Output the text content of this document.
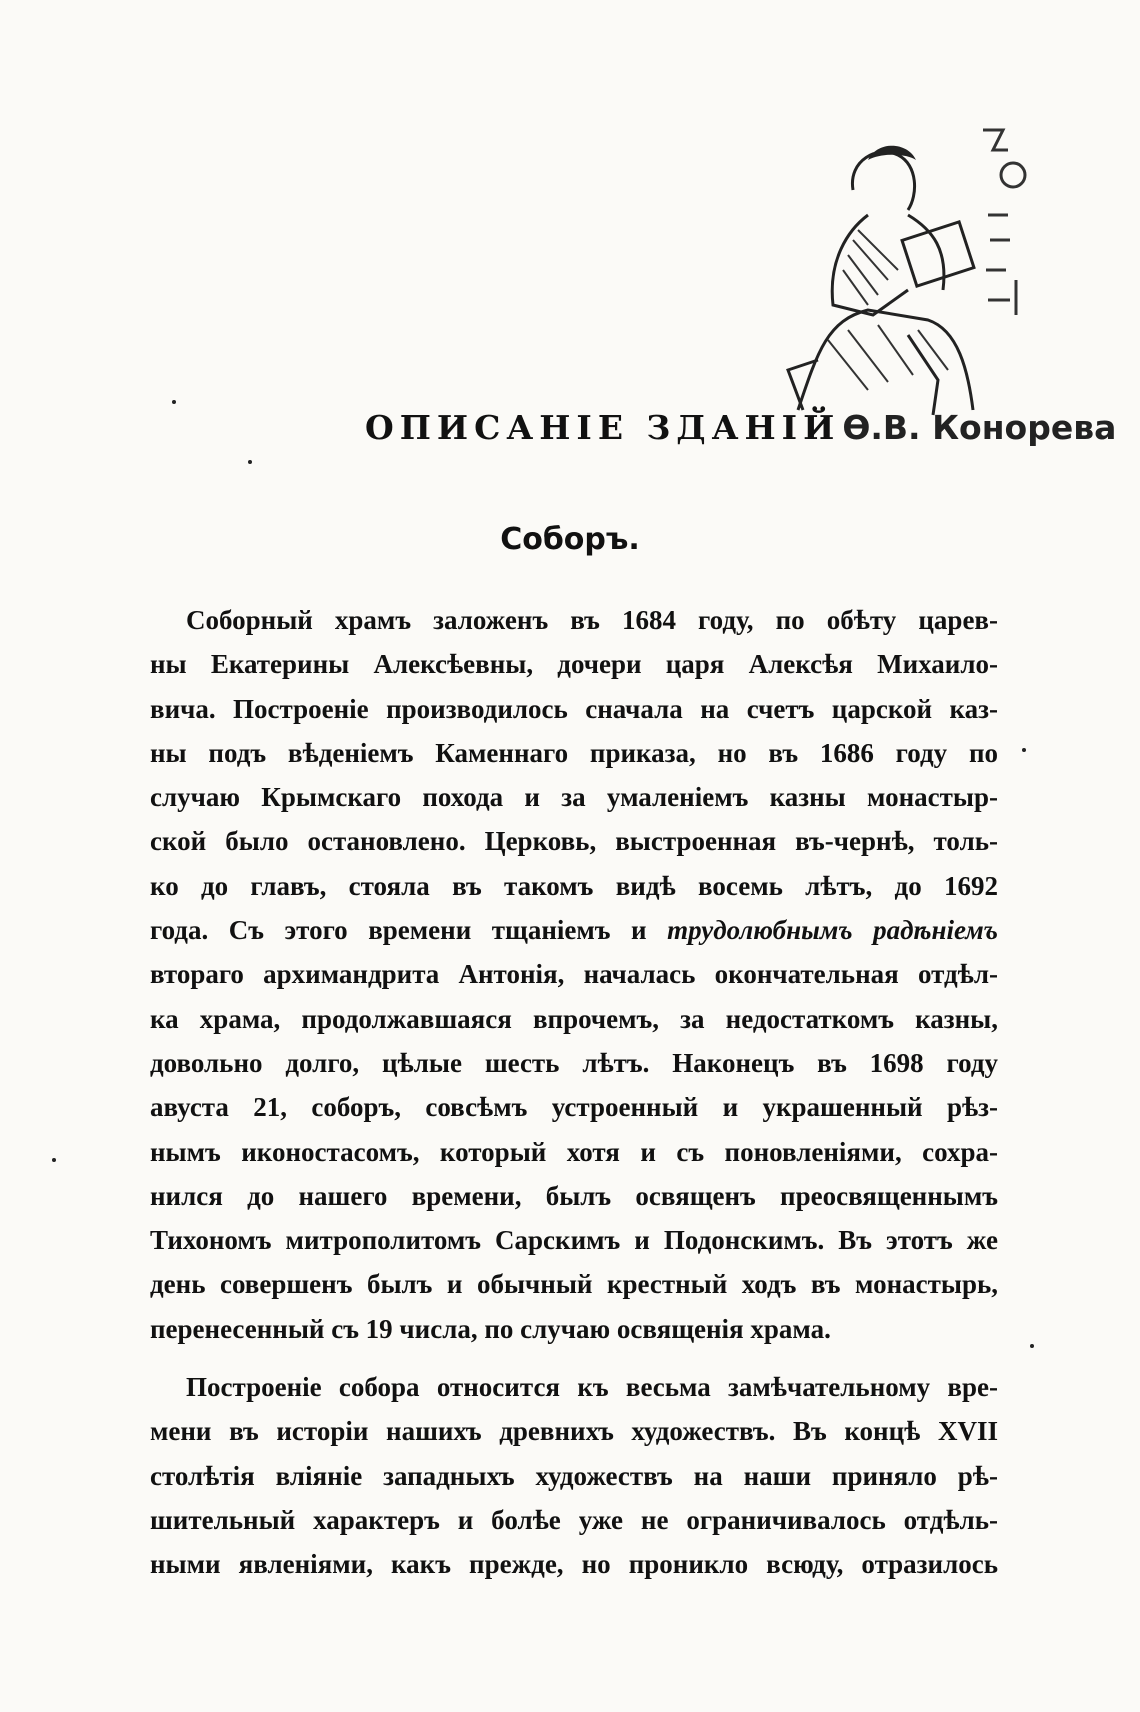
ОПИСАНІЕ ЗДАНІЙӨ.В. Конорева
Соборъ.
Соборный храмъ заложенъ въ 1684 году, по обѣту царев-
ны Екатерины Алексѣевны, дочери царя Алексѣя Михаило-
вича. Построеніе производилось сначала на счетъ царской каз-
ны подъ вѣденіемъ Каменнаго приказа, но въ 1686 году по
случаю Крымскаго похода и за умаленіемъ казны монастыр-
ской было остановлено. Церковь, выстроенная въ-чернѣ, толь-
ко до главъ, стояла въ такомъ видѣ восемь лѣтъ, до 1692
года. Съ этого времени тщаніемъ и трудолюбнымъ радѣніемъ
втораго архимандрита Антонія, началась окончательная отдѣл-
ка храма, продолжавшаяся впрочемъ, за недостаткомъ казны,
довольно долго, цѣлые шесть лѣтъ. Наконецъ въ 1698 году
авуста 21, соборъ, совсѣмъ устроенный и украшенный рѣз-
нымъ иконостасомъ, который хотя и съ поновленіями, сохра-
нился до нашего времени, былъ освященъ преосвященнымъ
Тихономъ митрополитомъ Сарскимъ и Подонскимъ. Въ этотъ же
день совершенъ былъ и обычный крестный ходъ въ монастырь,
перенесенный съ 19 числа, по случаю освященія храма.
Построеніе собора относится къ весьма замѣчательному вре-
мени въ исторіи нашихъ древнихъ художествъ. Въ концѣ XVII
столѣтія вліяніе западныхъ художествъ на наши приняло рѣ-
шительный характеръ и болѣе уже не ограничивалось отдѣль-
ными явленіями, какъ прежде, но проникло всюду, отразилось
